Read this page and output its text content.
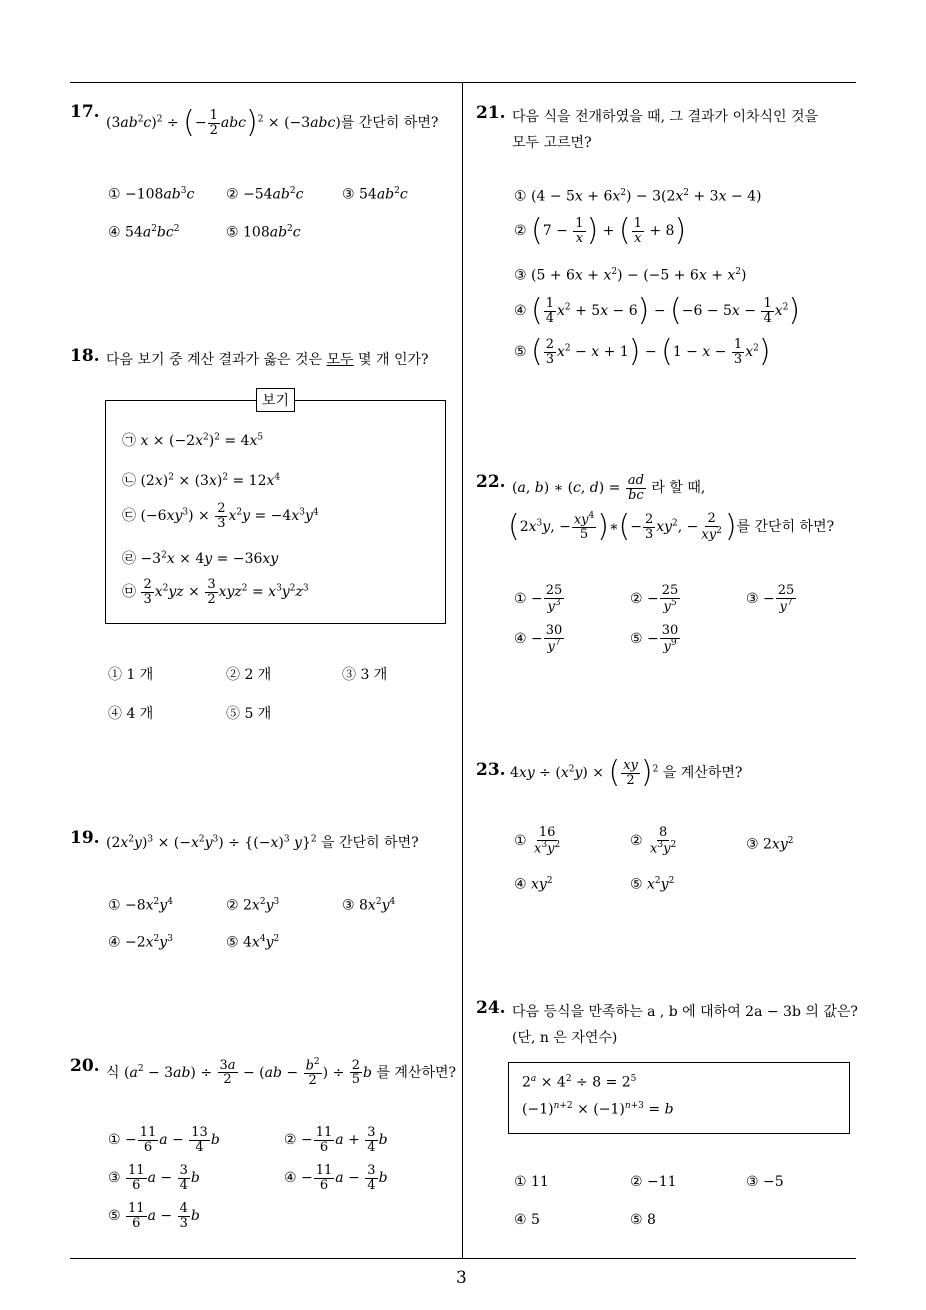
17.
$(3ab^2c)^2$ ÷ (− $\frac{1}{2} abc)^2 \times (-3abc)$를 간단히 하면?
① $-108ab^3c$ ② $-54ab^2c$	③ $54ab^2c$
④ $54a^2bc^2$	⑤ $108ab^2c$
18. 다음 보기 중 계산 결과가 옳은 것은 모두 몇 개 인가?
보기
㉠ $x \times (-2x^2)^2 = 4x^5$
㉡ $(2x)^2 \times (3x)^2 = 12x^4$
㉢ $(-6xy^3) \times \frac{2}{3} x^2y = -4x^3y^4$
㉣ $-3^2x \times 4y = -36xy$
㉤ $\frac{2}{3} x^2yz \times \frac{3}{2} xyz^2 = x^3y^2z^3$
① 1 개	② 2 개	③ 3 개
④ 4 개	⑤ 5 개
19. $(2x^2y)^3 \times (-x^2y^3) \div \{(-x)^3$ y}$^2$ 을 간단히 하면?
① $-8x^2y^4$	② $2x^2y^3$	③ $8x^2y^4$
④ $-2x^2y^3$	⑤ $4x^4y^2$
20. 식 $(a^2 - 3ab) \div \frac{3a}{2} - (ab - \frac{b^2}{2}$ ) ÷ $\frac{2}{5}$ b 를 계산하면?
① − $\frac{11}{6}$ $a - \frac{13}{4}$ b	② − $\frac{11}{6}$ $a + \frac{3}{4}$ b
③ $\frac{11}{6}$ $a - \frac{3}{4}$ b	④ − $\frac{11}{6}$ $a - \frac{3}{4}$ b
⑤ $\frac{11}{6}$ $a - \frac{4}{3}$ b
21. 다음 식을 전개하였을 때, 그 결과가 이차식인 것을
모두 고르면?
① $(4 - 5x + 6x^2) - 3(2x^2 + 3x - 4)$
② ($7 - \frac{1}{x}$ ) + ( $\frac{1}{x} + 8$)
③ $(5 + 6x + x^2) - (-5 + 6x + x^2)$
④ ( $\frac{1}{4} x^2 + 5x - 6) - (-6 - 5x - \frac{1}{4} x^2)$
⑤ ( $\frac{2}{3} x^2 - x + 1) - (1 - x - \frac{1}{3} x^2)$
22. (a, b) ∗ (c, $d) = \frac{ad}{bc}$ 라 할 때,
($2x^3y$, − $\frac{xy^4}{5}$ )∗(− $\frac{2}{3} xy^2$, − $\frac{2}{xy^2}$ )를 간단히 하면?
① − $\frac{25}{y^3}$	② − $\frac{25}{y^5}$	③ − $\frac{25}{y^7}$
④ − $\frac{30}{y^7}$	⑤ − $\frac{30}{y^9}$
23. $4xy \div (x^2y)$ × ( $\frac{xy}{2} )^2$ 을 계산하면?
① $\frac{16}{x^3y^2}$	② $\frac{8}{x^3y^2}$	③ $2xy^2$
④ $xy^2$	⑤ $x^2y^2$
24. 다음 등식을 만족하는 a , b 에 대하여 2a − 3b 의 값은?
(단, n 은 자연수)
$2^a \times 4^2 \div 8 = 2^5$
$(-1)^{n+2} \times (-1)^{n+3} = b$
① 11	② −11	③ −5
④ 5	⑤ 8
3
